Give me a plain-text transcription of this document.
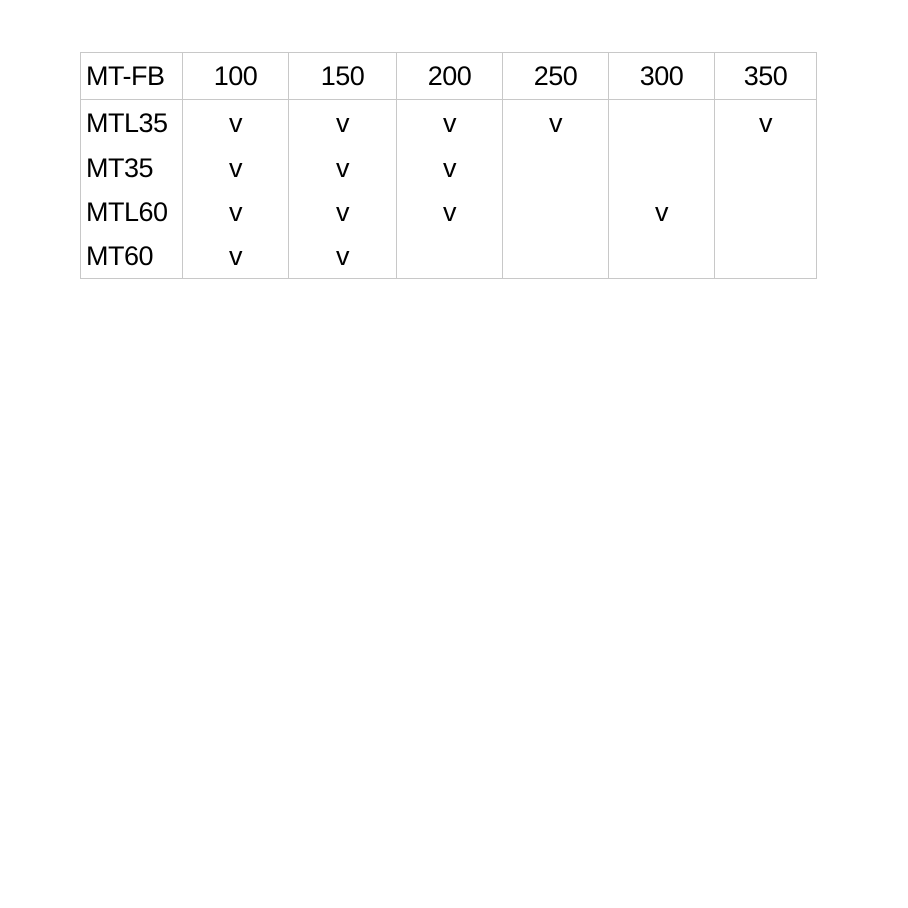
MT-FB	100	150	200	250	300	350
MTL35	v	v	v	v		v
MT35	v	v	v			
MTL60	v	v	v		v	
MT60	v	v				
